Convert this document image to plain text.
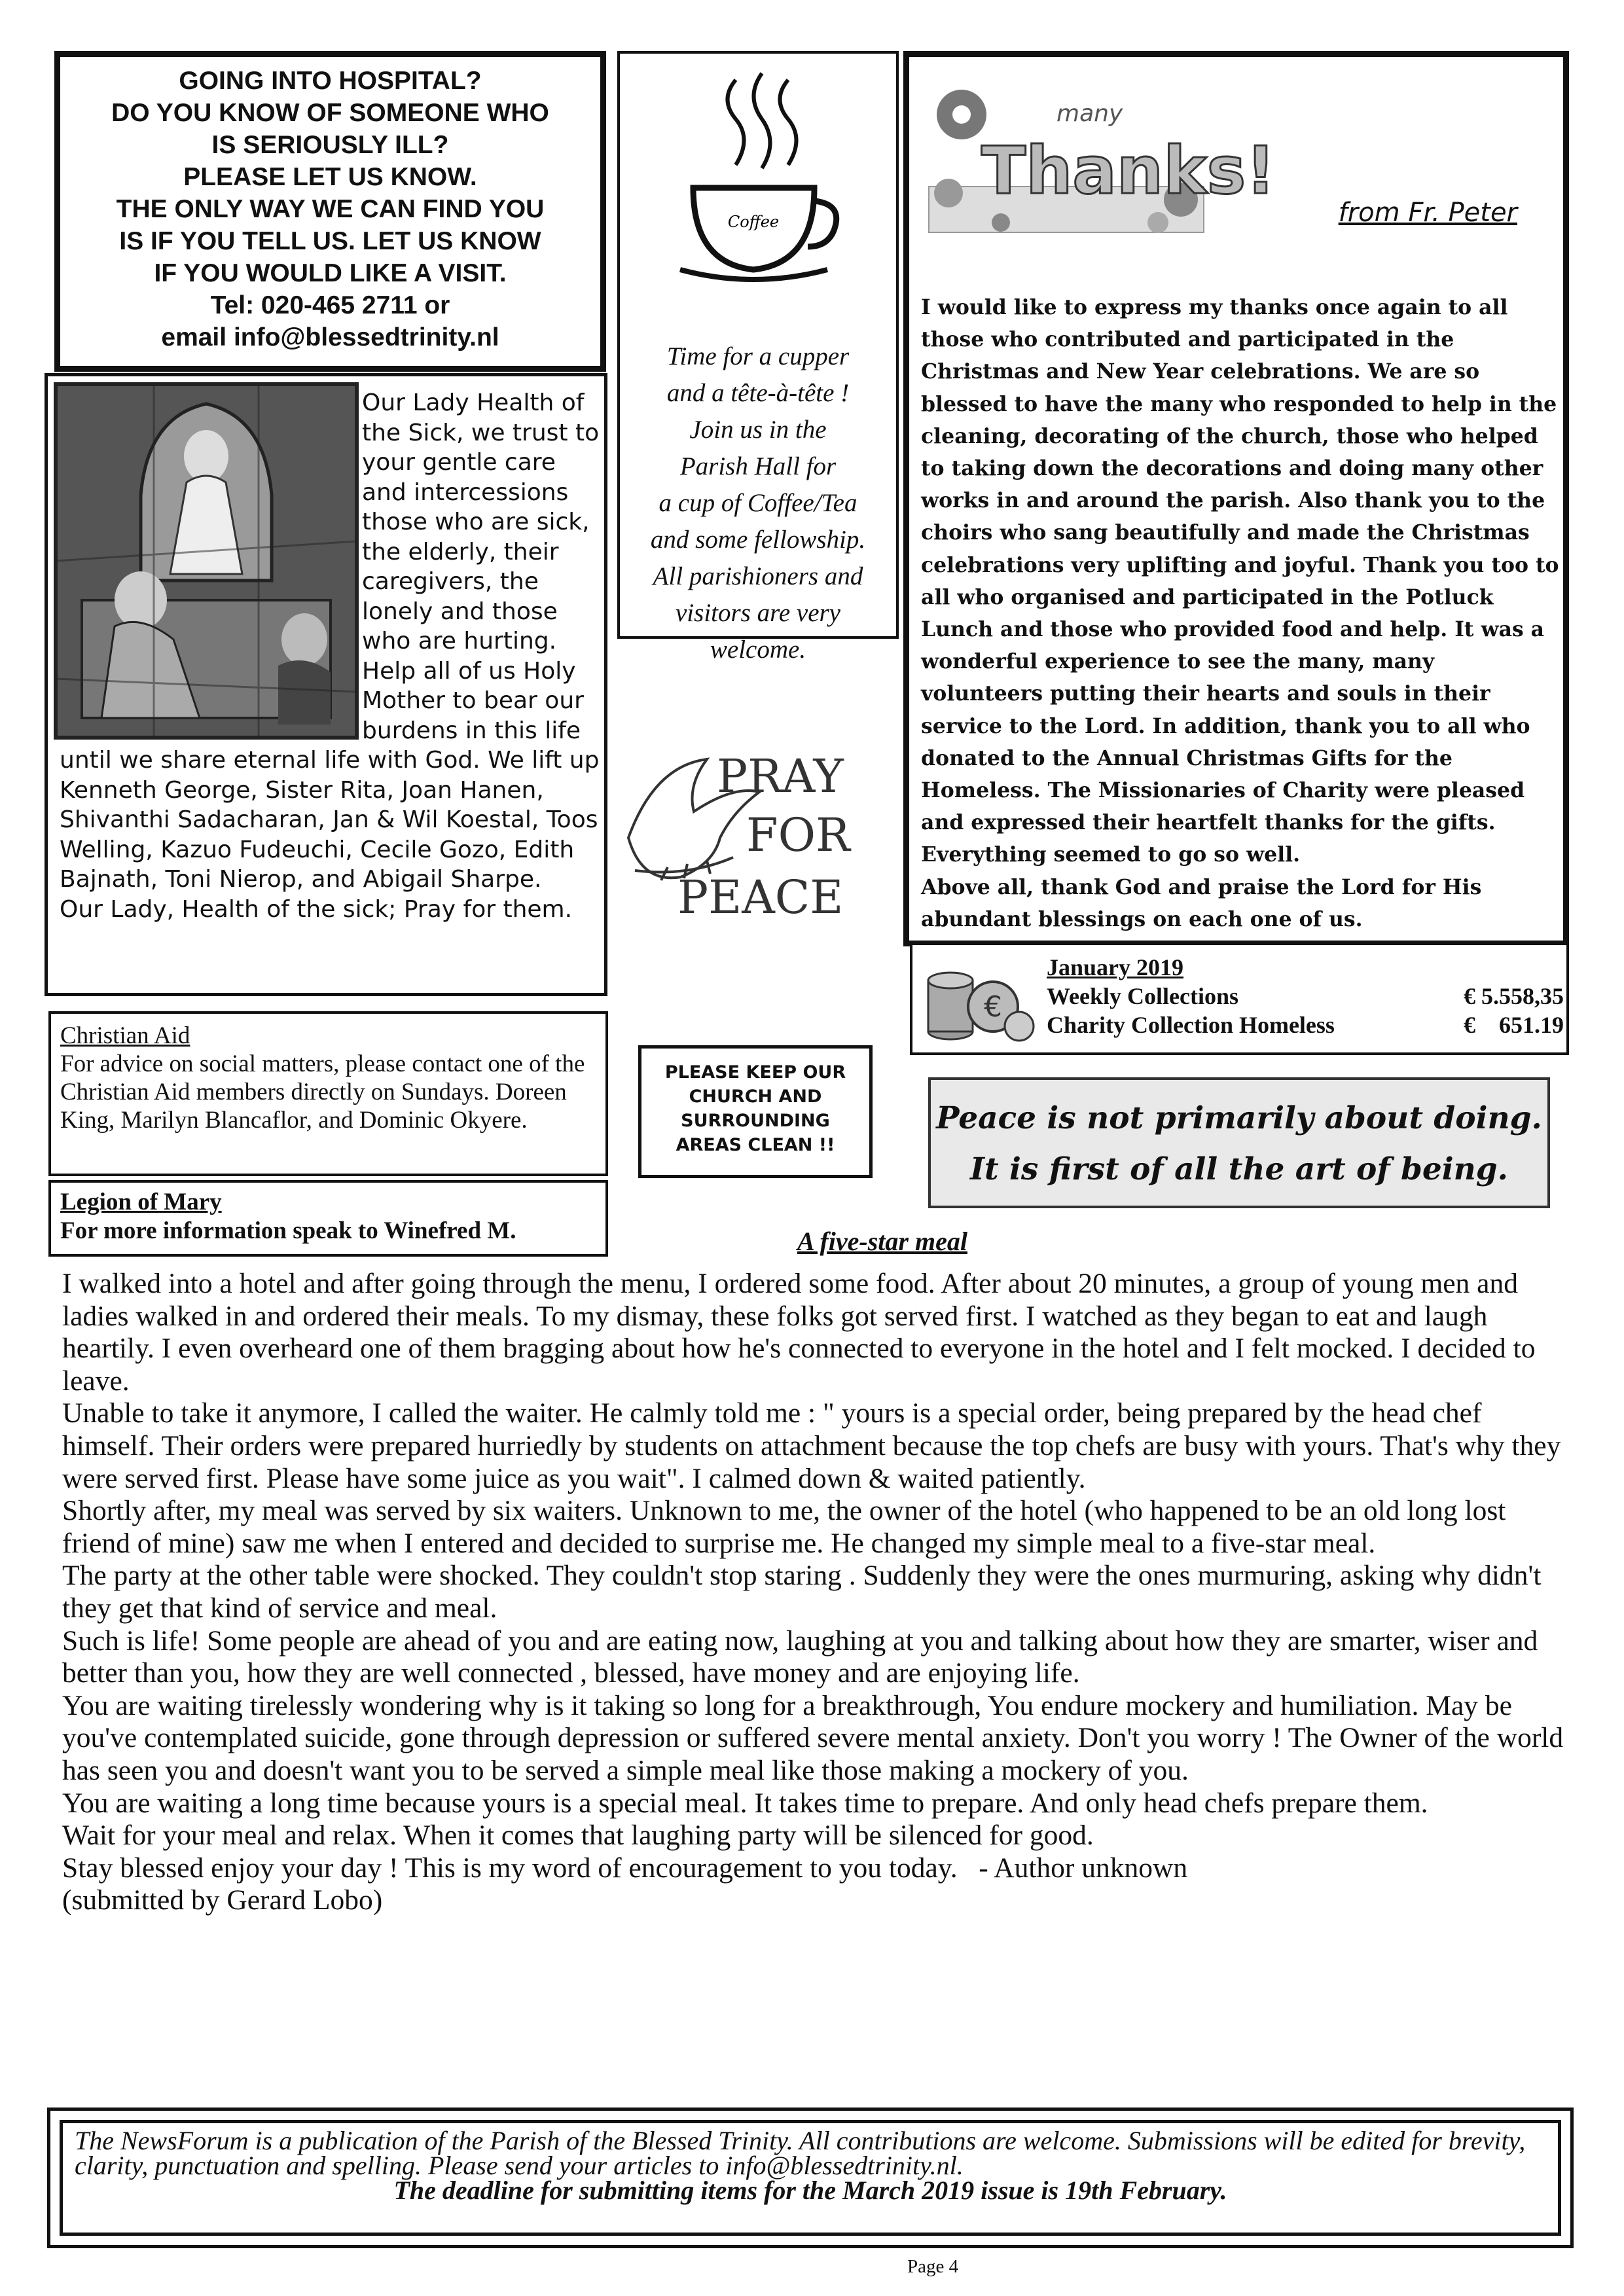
GOING INTO HOSPITAL?
DO YOU KNOW OF SOMEONE WHO
IS SERIOUSLY ILL?
PLEASE LET US KNOW.
THE ONLY WAY WE CAN FIND YOU
IS IF YOU TELL US. LET US KNOW
IF YOU WOULD LIKE A VISIT.
Tel: 020-465 2711 or
email info@blessedtrinity.nl
Coffee
Time for a cupper
and a tête-à-tête !
Join us in the
Parish Hall for
a cup of Coffee/Tea
and some fellowship.
All parishioners and
visitors are very
welcome.
many
Thanks!
from Fr. Peter
I would like to express my thanks once again to all those who contributed and participated in the Christmas and New Year celebrations. We are so blessed to have the many who responded to help in the cleaning, decorating of the church, those who helped to taking down the decorations and doing many other works in and around the parish. Also thank you to the choirs who sang beautifully and made the Christmas celebrations very uplifting and joyful. Thank you too to all who organised and participated in the Potluck Lunch and those who provided food and help. It was a wonderful experience to see the many, many volunteers putting their hearts and souls in their service to the Lord. In addition, thank you to all who donated to the Annual Christmas Gifts for the Homeless. The Missionaries of Charity were pleased and expressed their heartfelt thanks for the gifts. Everything seemed to go so well.
Above all, thank God and praise the Lord for His abundant blessings on each one of us.
Our Lady Health of the Sick, we trust to your gentle care and intercessions those who are sick, the elderly, their caregivers, the lonely and those who are hurting. Help all of us Holy Mother to bear our burdens in this life until we share eternal life with God. We lift up Kenneth George, Sister Rita, Joan Hanen, Shivanthi Sadacharan, Jan & Wil Koestal, Toos Welling, Kazuo Fudeuchi, Cecile Gozo, Edith Bajnath, Toni Nierop, and Abigail Sharpe.
Our Lady, Health of the sick; Pray for them.
PRAY
FOR
PEACE
€
January 2019
Weekly Collections	€ 5.558,35
Charity Collection Homeless	€    651.19
Peace is not primarily about doing.
It is first of all the art of being.
PLEASE KEEP OUR
CHURCH AND
SURROUNDING
AREAS CLEAN !!
Christian Aid
For advice on social matters, please contact one of the Christian Aid members directly on Sundays. Doreen King, Marilyn Blancaflor, and Dominic Okyere.
Legion of Mary
For more information speak to Winefred M.	A five-star meal
I walked into a hotel and after going through the menu, I ordered some food. After about 20 minutes, a group of young men and ladies walked in and ordered their meals. To my dismay, these folks got served first. I watched as they began to eat and laugh heartily. I even overheard one of them bragging about how he's connected to everyone in the hotel and I felt mocked. I decided to leave.
Unable to take it anymore, I called the waiter. He calmly told me : " yours is a special order, being prepared by the head chef himself. Their orders were prepared hurriedly by students on attachment because the top chefs are busy with yours. That's why they were served first. Please have some juice as you wait". I calmed down & waited patiently.
Shortly after, my meal was served by six waiters. Unknown to me, the owner of the hotel (who happened to be an old long lost friend of mine) saw me when I entered and decided to surprise me. He changed my simple meal to a five-star meal.
The party at the other table were shocked. They couldn't stop staring . Suddenly they were the ones murmuring, asking why didn't they get that kind of service and meal.
Such is life! Some people are ahead of you and are eating now, laughing at you and talking about how they are smarter, wiser and better than you, how they are well connected , blessed, have money and are enjoying life.
You are waiting tirelessly wondering why is it taking so long for a breakthrough, You endure mockery and humiliation. May be you've contemplated suicide, gone through depression or suffered severe mental anxiety. Don't you worry ! The Owner of the world has seen you and doesn't want you to be served a simple meal like those making a mockery of you.
You are waiting a long time because yours is a special meal. It takes time to prepare. And only head chefs prepare them.
Wait for your meal and relax. When it comes that laughing party will be silenced for good.
Stay blessed enjoy your day ! This is my word of encouragement to you today.   - Author unknown
(submitted by Gerard Lobo)
The NewsForum is a publication of the Parish of the Blessed Trinity. All contributions are welcome. Submissions will be edited for brevity, clarity, punctuation and spelling. Please send your articles to info@blessedtrinity.nl.
The deadline for submitting items for the March 2019 issue is 19th February.
Page 4
